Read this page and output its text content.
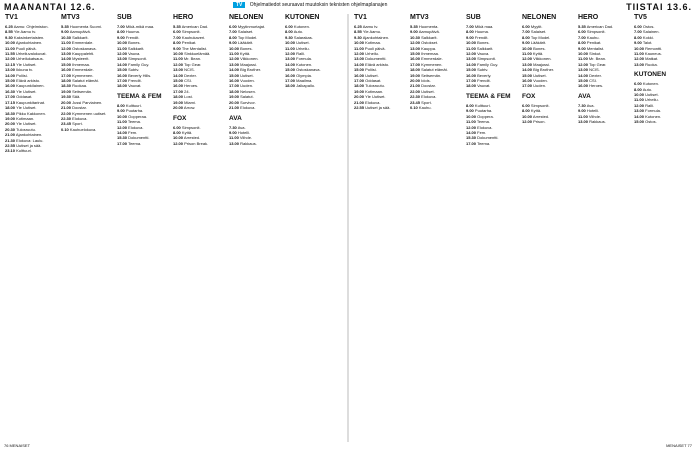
MAANANTAI 12.6.	TV Ohjelmatiedot seuraavat muutoksin teknisten ohjelmaplanajen	TIISTAI 13.6.
TV1
6.25 Aamu: Ohjelmiston.
8.55 Yle Aamu tv.
9.30 Kaksinkertaisten.
10.00 Ajankohtainen.
11.00 Puoli päivä.
11.55 Urheiluvalokuvat.
12.00 Urheilukatsaus.
12.15 Yle Uutiset.
13.00 Ikkuna tv.
14.00 Poliisi.
15.00 Elävä arkisto.
16.00 Kaupunkilainen.
16.30 Yle Uutiset.
17.00 Oddasat.
17.15 Kaupunkitarinat.
18.00 Yle Uutiset.
18.30 Pikku Kakkonen.
19.00 Kotimaan.
20.00 Yle Uutiset.
20.30 Tulosruutu.
21.00 Ajankohtainen.
21.30 Elokuva: Laulu.
22.55 Uutiset ja sää.
23.10 Kulttuuri.
MTV3
5.35 Huomenta Suomi.
9.00 Aamupäivä.
10.30 Salkkarit.
11.00 Emmerdale.
12.00 Ostoskanava.
13.00 Kauppalehti.
14.00 Mysteerit.
15.00 Ihmemaa.
16.00 Emmerdale.
17.00 Kymmenen.
18.00 Salatut elämät.
18.30 Ruokaa.
19.00 Seitsemän.
19.30 Sää.
20.00 Jussi Parviainen.
21.00 Docstar.
22.00 Kymmenen uutiset.
22.30 Elokuva.
23.45 Sport.
0.10 Kauhuelokuva.
SUB
7.00 Mikä-mikä maa.
8.00 Huuma.
9.00 Frendit.
10.00 Bones.
11.00 Salkkarit.
12.00 Vauva.
13.00 Simpsonit.
14.00 Family Guy.
15.00 Subtv.
16.00 Beverly Hills.
17.00 Frendit.
18.00 Vauvat.
TEEMA & FEM
8.00 Kulttuuri.
9.00 Puutarha.
10.00 Oopperaa.
11.00 Teema.
12.00 Elokuva.
14.00 Fem.
15.30 Dokumentti.
17.00 Teema.
HERO
5.35 American Dad.
6.00 Simpsonit.
7.00 Kauhukaveri.
8.00 Penikat.
9.00 The Mentalist.
10.00 Sinkkuelämää.
11.00 Mr. Bean.
12.00 Top Gear.
13.00 NCIS.
14.00 Dexter.
15.00 CSI.
16.00 Heroes.
17.00 24.
18.00 Lost.
19.00 Miami.
20.00 Arrow.
FOX
6.00 Simpsonit.
8.00 Kyttä.
10.00 Arrested.
12.00 Prison Break.
NELONEN
6.00 Myytinmurtajat.
7.00 Salaiset.
8.00 Top Model.
9.00 Lääkärit.
10.00 Bones.
11.00 Kyttä.
12.00 Viikkonen.
13.00 Maajussi.
14.00 Big Brother.
15.00 Uutiset.
16.00 Vuoden.
17.00 Uuden.
18.00 Nelosen.
19.00 Salatut.
20.00 Survivor.
21.00 Elokuva.
AVA
7.30 Ava.
9.00 Hotelli.
11.00 Viihde.
13.00 Rakkaus.
KUTONEN
6.00 Kutonen.
8.00 Auto.
9.30 Salarakas.
10.00 Uutiset.
11.00 Urheilu.
12.00 Ralli.
13.00 Formula.
14.00 Kutonen.
15.00 Ostoskanava.
16.00 Olympia.
17.00 Maailma.
18.00 Jalkapallo.
TV1
6.25 Aamu tv.
8.55 Yle Aamu.
9.30 Ajankohtainen.
10.00 Kotimaa.
11.00 Puoli päivä.
12.00 Urheilu.
13.00 Dokumentti.
14.00 Elävä arkisto.
15.00 Poliisi.
16.00 Uutiset.
17.00 Oddasat.
18.00 Tulosruutu.
19.00 Kotimaan.
20.00 Yle Uutiset.
21.00 Elokuva.
22.55 Uutiset ja sää.
MTV3
5.35 Huomenta.
9.00 Aamupäivä.
10.30 Salkkarit.
12.00 Ostokset.
13.00 Kauppa.
15.00 Ihmemaa.
16.00 Emmerdale.
17.00 Kymmenen.
18.00 Salatut elämät.
19.00 Seitsemän.
20.00 Idols.
21.00 Docstar.
22.00 Uutiset.
22.30 Elokuva.
23.45 Sport.
0.10 Kauhu.
SUB
7.00 Mikä maa.
8.00 Huuma.
9.00 Frendit.
10.00 Bones.
11.00 Salkkarit.
12.00 Vauva.
13.00 Simpsonit.
14.00 Family Guy.
15.00 Subtv.
16.00 Beverly.
17.00 Frendit.
18.00 Vauvat.
TEEMA & FEM
8.00 Kulttuuri.
9.00 Puutarha.
10.00 Ooppera.
11.00 Teema.
12.00 Elokuva.
14.00 Fem.
15.30 Dokumentti.
17.00 Teema.
NELONEN
6.00 Myytit.
7.00 Salaiset.
8.00 Top Model.
9.00 Lääkärit.
10.00 Bones.
11.00 Kyttä.
12.00 Viikkonen.
13.00 Maajussi.
14.00 Big Brother.
15.00 Uutiset.
16.00 Vuoden.
17.00 Uuden.
FOX
6.00 Simpsonit.
8.00 Kyttä.
10.00 Arrested.
12.00 Prison.
HERO
5.35 American Dad.
6.00 Simpsonit.
7.00 Kauhu.
8.00 Penikat.
9.00 Mentalist.
10.00 Sinkut.
11.00 Mr. Bean.
12.00 Top Gear.
13.00 NCIS.
14.00 Dexter.
15.00 CSI.
16.00 Heroes.
AVA
7.30 Ava.
9.00 Hotelli.
11.00 Viihde.
13.00 Rakkaus.
TV5
6.00 Ostos.
7.00 Salainen.
8.00 Kokki.
9.00 Talot.
10.00 Remontti.
11.00 Kauneus.
12.00 Matkat.
13.00 Ruoka.
KUTONEN
6.00 Kutonen.
8.00 Auto.
10.00 Uutiset.
11.00 Urheilu.
12.00 Ralli.
13.00 Formula.
14.00 Kutonen.
15.00 Ostos.
76 MENAISET	MENAISET 77
